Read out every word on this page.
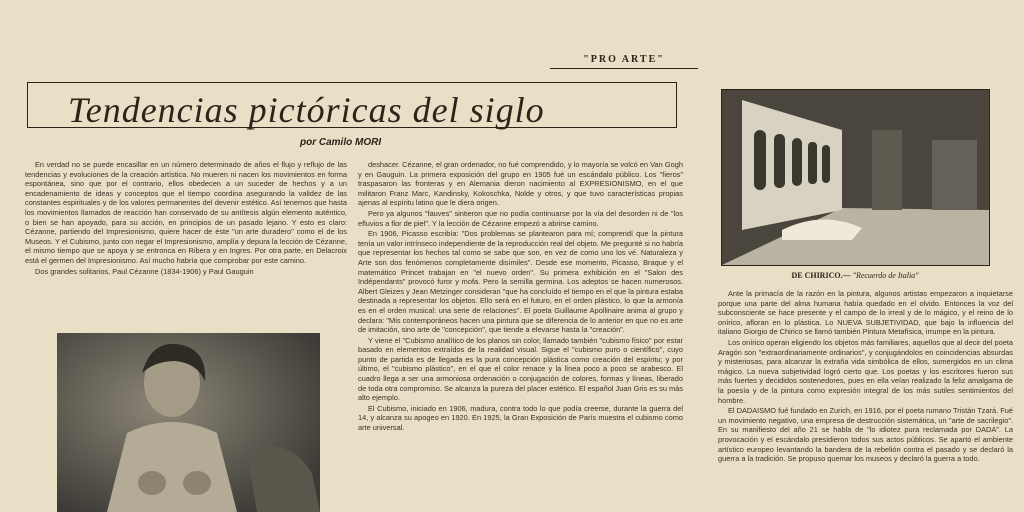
"PRO ARTE"
Tendencias pictóricas del siglo
por Camilo MORI

En verdad no se puede encasillar en un número determinado de años el flujo y reflujo de las tendencias y evoluciones de la creación artística. No mueren ni nacen los movimientos en forma espontánea, sino que por el contrario, ellos obedecen a un suceder de hechos y a un encadenamiento de ideas y conceptos que el tiempo coordina asegurando la validez de las constantes espirituales y de los valores permanentes del devenir estético. Así tenemos que hasta los movimientos llamados de reacción han conservado de su antítesis algún elemento auténtico, o bien se han apoyado, para su acción, en principios de un pasado lejano. Y esto es claro: Cézanne, partiendo del Impresionismo, quiere hacer de éste "un arte duradero" como el de los Museos. Y el Cubismo, junto con negar el Impresionismo, amplía y depura la lección de Cézanne, el mismo tiempo que se apoya y se entronca en Ribera y en Ingres. Por otra parte, en Delacroix está el germen del Impresionismo. Así mucho habría que comprobar por este camino.

Dos grandes solitarios, Paul Cézanne (1834-1906) y Paul Gauguin

deshacer. Cézanne, el gran ordenador, no fué comprendido, y lo mayoría se volcó en Van Gogh y en Gauguin. La primera exposición del grupo en 1905 fué un escándalo público. Los "fieros" traspasaron las fronteras y en Alemania dieron nacimiento al EXPRESIONISMO, en el que militaron Franz Marc, Kandinsky, Kokoschka, Nolde y otros, y que tuvo características propias ajenas al espíritu latino que le diera origen.

Pero ya algunos "fauves" sintieron que no podía continuarse por la vía del desorden ni de "los efluvios a flor de piel". Y la lección de Cézanne empezó a abrirse camino.

En 1906, Picasso escribía: "Dos problemas se plantearon para mí; comprendí que la pintura tenía un valor intrínseco independiente de la reproducción real del objeto. Me pregunté si no habría que representar los hechos tal como se sabe que son, en vez de como uno los vé. Naturaleza y Arte son dos fenómenos completamente disímiles". Desde ese momento, Picasso, Braque y el matemático Princet trabajan en "el nuevo orden". Su primera exhibición en el "Salon des Indépendants" provocó furor y mofa. Pero la semilla germina. Los adeptos se hacen numerosos. Albert Gleizes y Jean Metzinger consideran "que ha concluído el tiempo en el que la pintura estaba destinada a representar los objetos. Ello será en el futuro, en el orden plástico, lo que la armonía es en el orden musical: una serie de relaciones". El poeta Guillaume Apollinaire anima al grupo y declara: "Mis contemporáneos hacen una pintura que se diferencia de lo anterior en que no es arte de imitación, sino arte de "concepción", que tiende a elevarse hasta la "creación".

Y viene el "Cubismo analítico de los planos sin color, llamado también "cubismo físico" por estar basado en elementos extraídos de la realidad visual. Sigue el "cubismo puro o científico", cuyo punto de partida es de llegada es la pura concepción plástica como creación del espíritu; y por último, el "cubismo plástico", en el que el color renace y la línea poco a poco se arabesco. El cuadro llega a ser una armoniosa ordenación o conjugación de colores, formas y líneas, liberado de toda otra compromiso. Se alcanza la pureza del placer estético. El español Juan Gris es su más alto ejemplo.

El Cubismo, iniciado en 1906, madura, contra todo lo que podía creerse, durante la guerra del 14, y alcanza su apogeo en 1920. En 1925, la Gran Exposición de París muestra el cubismo como arte universal.

DE CHIRICO.— "Recuerdo de Italia"

Ante la primacía de la razón en la pintura, algunos artistas empezaron a inquietarse porque una parte del alma humana había quedado en el olvido. Entonces la voz del subconsciente se hace presente y el campo de lo irreal y de lo mágico, y el reino de lo onírico, afloran en lo plástica. Lo NUEVA SUBJETIVIDAD, que bajo la influencia del italiano Giorgio de Chirico se llamó también Pintura Metafísica, irrumpe en la pintura.

Los onírico operan eligiendo los objetos más familiares, aquellos que al decir del poeta Aragón son "extraordinariamente ordinarios", y conjugándolos en coincidencias absurdas y misteriosas, para alcanzar la extraña vida simbólica de ellos, sumergidos en un clima mágico. La nueva subjetividad logró cierto que. Los poetas y los escritores fueron sus más fuertes y decididos sostenedores, pues en ella veían realizado la feliz amalgama de la poesía y de la pintura como expresión integral de los más sutiles sentimientos del hombre.

El DADAISMO fué fundado en Zurich, en 1916, por el poeta rumano Tristán Tzará. Fué un movimiento negativo, una empresa de destrucción sistemática, un "arte de sacrilegio". En su manifiesto del año 21 se habla de "lo idiotez pura reclamada por DADA". La provocación y el escándalo presidieron todos sus actos públicos. Se apartó el ambiente artístico europeo levantando la bandera de la rebelión contra el pasado y se declaró la guerra a la tradición. Se propuso quemar los museos y declaró la guerra a todo.
